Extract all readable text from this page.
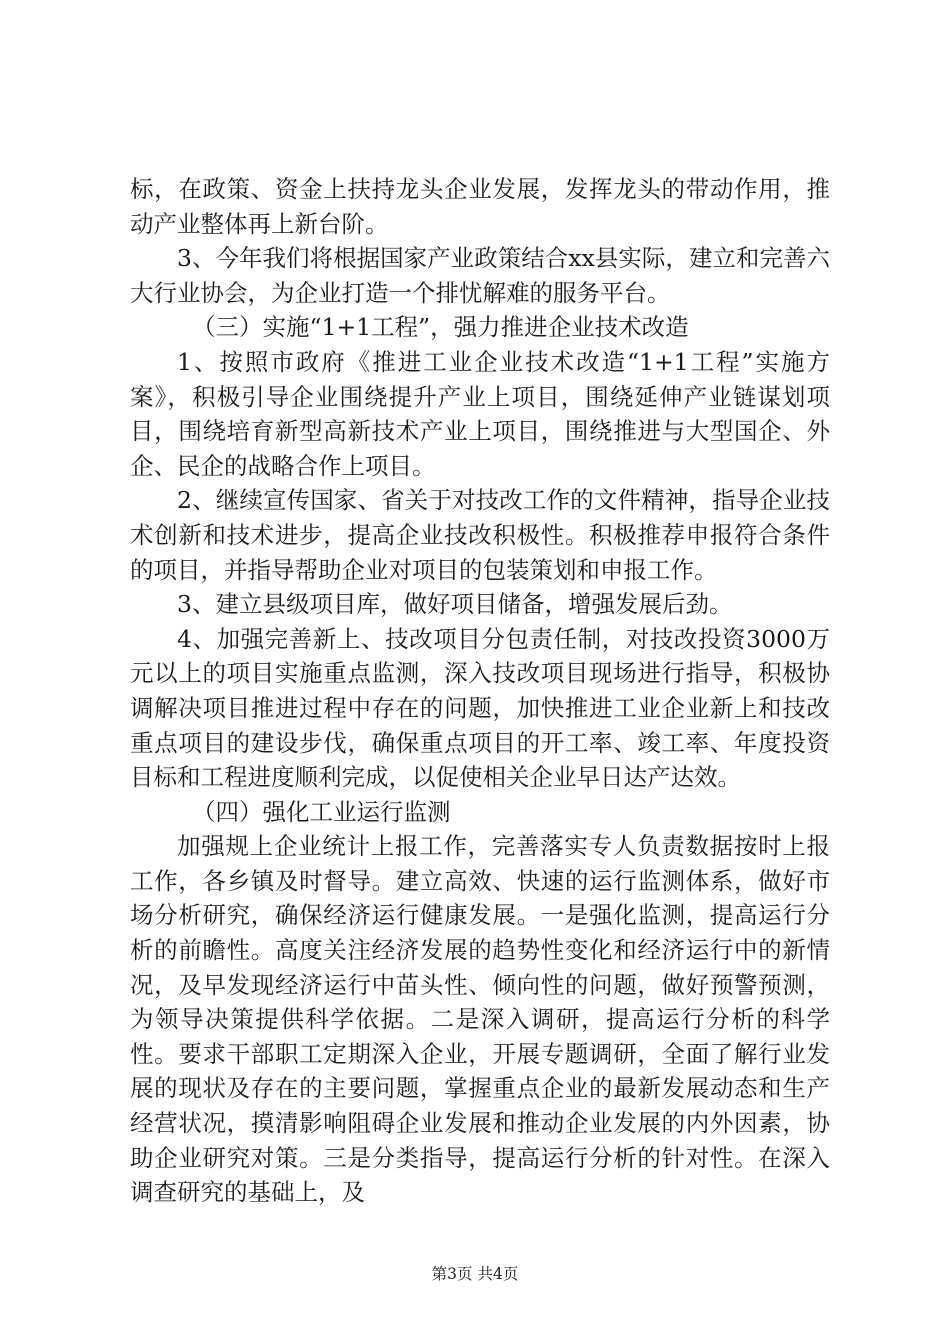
标，在政策、资金上扶持龙头企业发展，发挥龙头的带动作用，推动产业整体再上新台阶。

3、今年我们将根据国家产业政策结合xx县实际，建立和完善六大行业协会，为企业打造一个排忧解难的服务平台。

（三）实施“1+1工程”，强力推进企业技术改造

1、按照市政府《推进工业企业技术改造“1+1工程”实施方案》，积极引导企业围绕提升产业上项目，围绕延伸产业链谋划项目，围绕培育新型高新技术产业上项目，围绕推进与大型国企、外企、民企的战略合作上项目。

2、继续宣传国家、省关于对技改工作的文件精神，指导企业技术创新和技术进步，提高企业技改积极性。积极推荐申报符合条件的项目，并指导帮助企业对项目的包装策划和申报工作。

3、建立县级项目库，做好项目储备，增强发展后劲。

4、加强完善新上、技改项目分包责任制，对技改投资3000万元以上的项目实施重点监测，深入技改项目现场进行指导，积极协调解决项目推进过程中存在的问题，加快推进工业企业新上和技改重点项目的建设步伐，确保重点项目的开工率、竣工率、年度投资目标和工程进度顺利完成，以促使相关企业早日达产达效。

（四）强化工业运行监测

加强规上企业统计上报工作，完善落实专人负责数据按时上报工作，各乡镇及时督导。建立高效、快速的运行监测体系，做好市场分析研究，确保经济运行健康发展。一是强化监测，提高运行分析的前瞻性。高度关注经济发展的趋势性变化和经济运行中的新情况，及早发现经济运行中苗头性、倾向性的问题，做好预警预测，为领导决策提供科学依据。二是深入调研，提高运行分析的科学性。要求干部职工定期深入企业，开展专题调研，全面了解行业发展的现状及存在的主要问题，掌握重点企业的最新发展动态和生产经营状况，摸清影响阻碍企业发展和推动企业发展的内外因素，协助企业研究对策。三是分类指导，提高运行分析的针对性。在深入调查研究的基础上，及

第3页 共4页
